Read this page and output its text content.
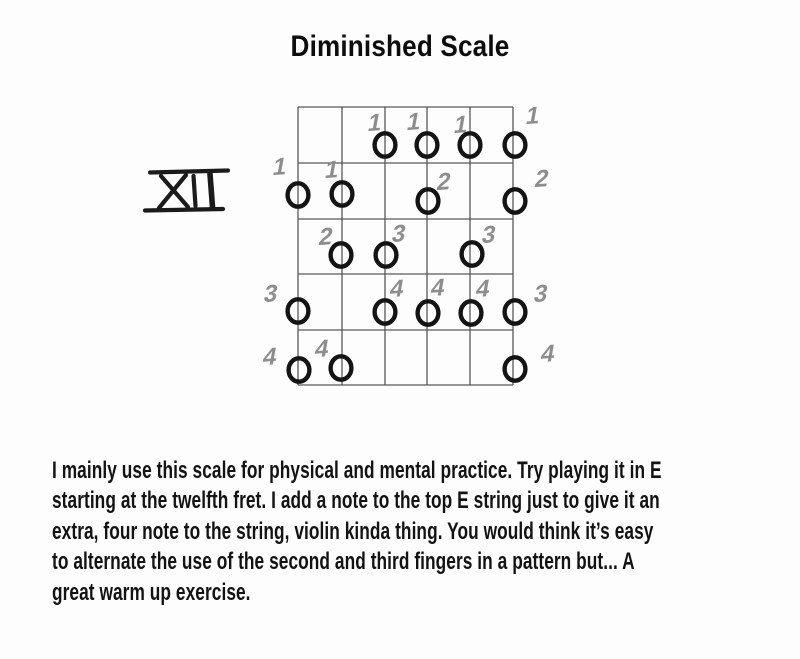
Diminished Scale
1 1 1 1
1 1	2	2
2 3	3
3	4 4 4 3
4 4	4
I mainly use this scale for physical and mental practice. Try playing it in E
starting at the twelfth fret. I add a note to the top E string just to give it an
extra, four note to the string, violin kinda thing. You would think it’s easy
to alternate the use of the second and third fingers in a pattern but... A
great warm up exercise.
